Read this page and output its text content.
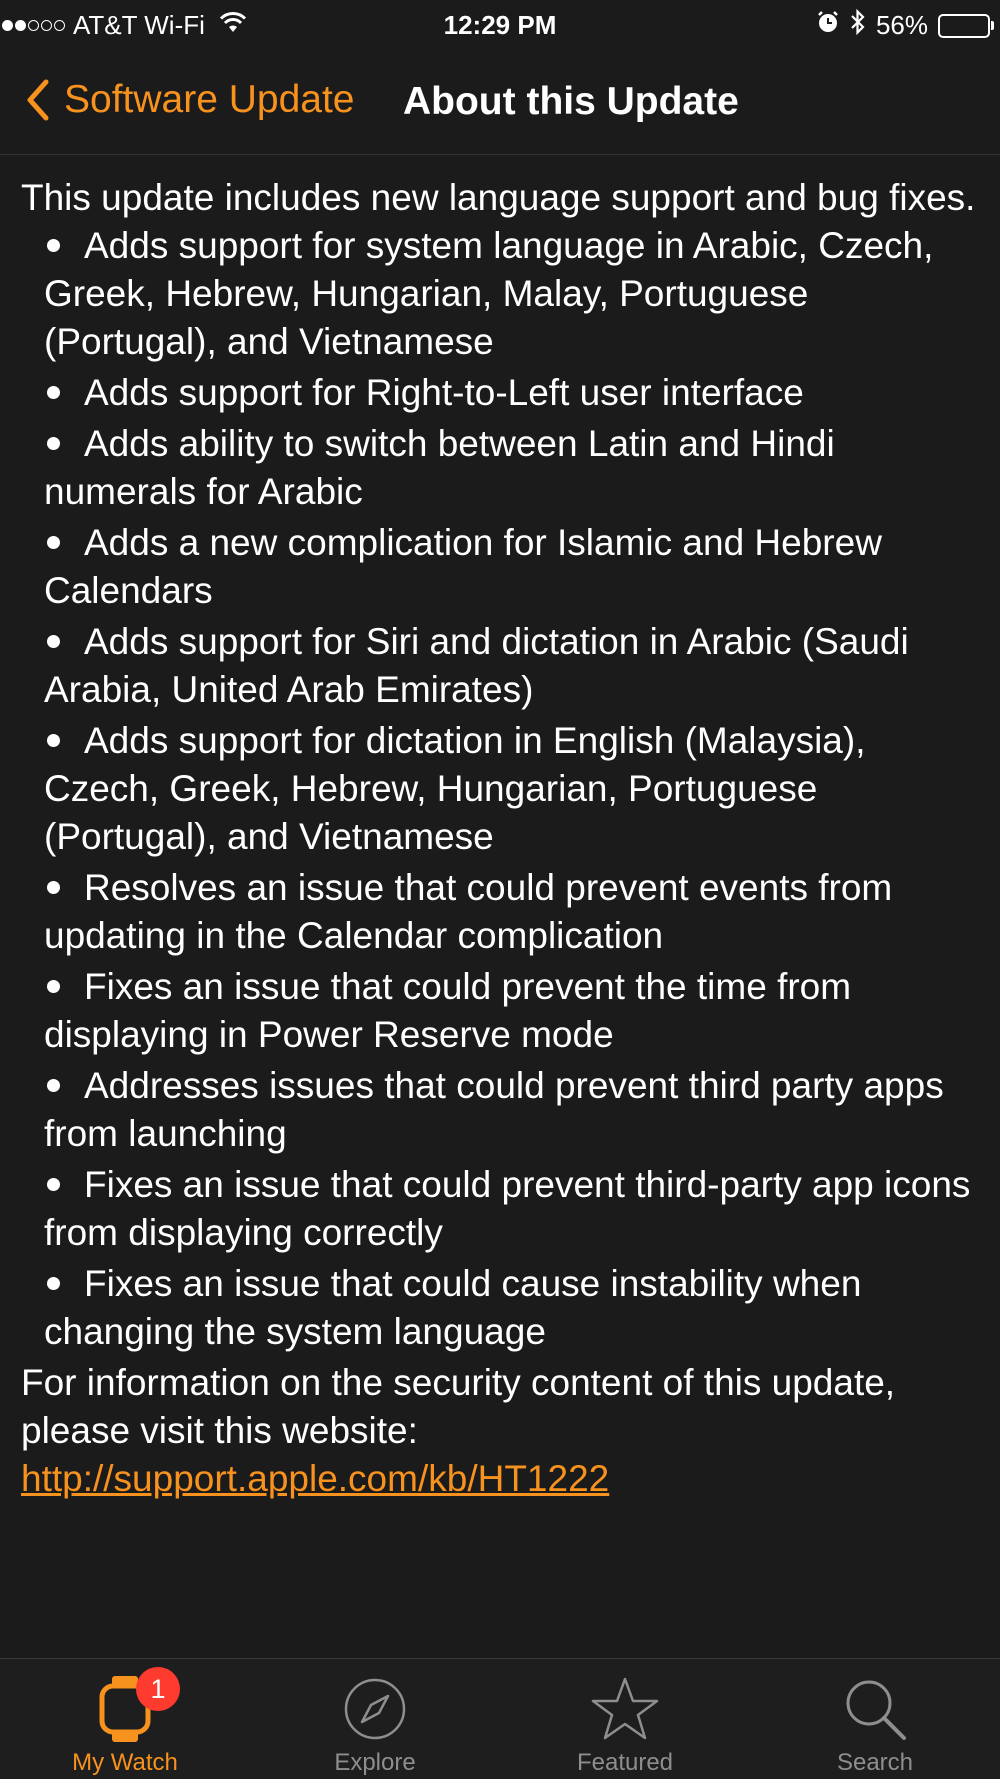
AT&T Wi-Fi	12:29 PM	56%
Software Update About this Update

This update includes new language support and bug fixes.

Adds support for system language in Arabic, Czech, Greek, Hebrew, Hungarian, Malay, Portuguese (Portugal), and Vietnamese
Adds support for Right-to-Left user interface
Adds ability to switch between Latin and Hindi numerals for Arabic
Adds a new complication for Islamic and Hebrew Calendars
Adds support for Siri and dictation in Arabic (Saudi Arabia, United Arab Emirates)
Adds support for dictation in English (Malaysia), Czech, Greek, Hebrew, Hungarian, Portuguese (Portugal), and Vietnamese
Resolves an issue that could prevent events from updating in the Calendar complication
Fixes an issue that could prevent the time from displaying in Power Reserve mode
Addresses issues that could prevent third party apps from launching
Fixes an issue that could prevent third-party app icons from displaying correctly
Fixes an issue that could cause instability when changing the system language

For information on the security content of this update, please visit this website:
http://support.apple.com/kb/HT1222

1
My Watch	Explore	Featured	Search
